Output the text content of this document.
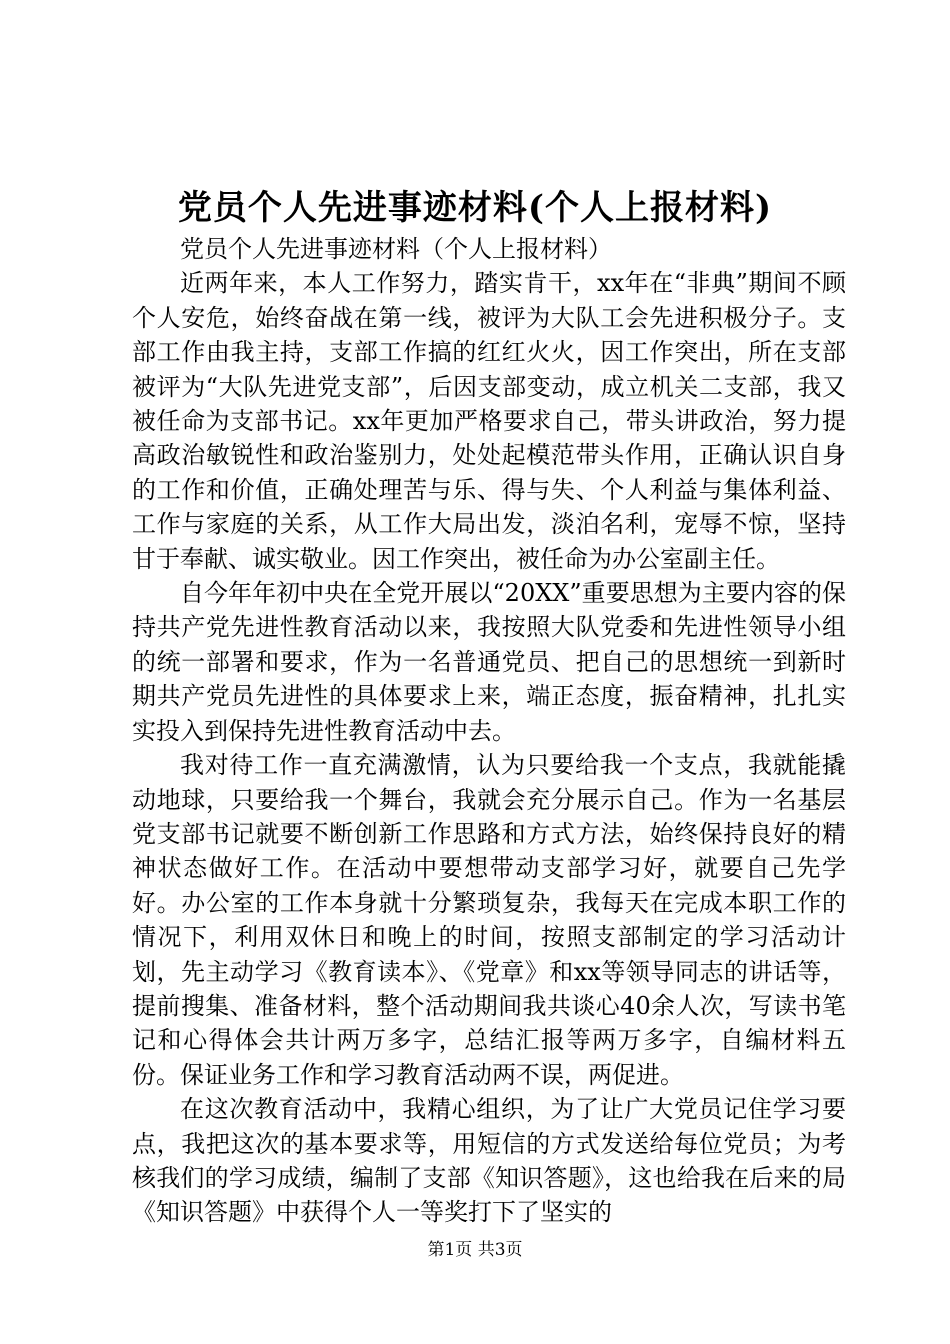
党员个人先进事迹材料(个人上报材料)

党员个人先进事迹材料（个人上报材料）

近两年来，本人工作努力，踏实肯干，xx年在“非典”期间不顾个人安危，始终奋战在第一线，被评为大队工会先进积极分子。支部工作由我主持，支部工作搞的红红火火，因工作突出，所在支部被评为“大队先进党支部”，后因支部变动，成立机关二支部，我又被任命为支部书记。xx年更加严格要求自己，带头讲政治，努力提高政治敏锐性和政治鉴别力，处处起模范带头作用，正确认识自身的工作和价值，正确处理苦与乐、得与失、个人利益与集体利益、工作与家庭的关系，从工作大局出发，淡泊名利，宠辱不惊，坚持甘于奉献、诚实敬业。因工作突出，被任命为办公室副主任。

自今年年初中央在全党开展以“20XX”重要思想为主要内容的保持共产党先进性教育活动以来，我按照大队党委和先进性领导小组的统一部署和要求，作为一名普通党员、把自己的思想统一到新时期共产党员先进性的具体要求上来，端正态度，振奋精神，扎扎实实投入到保持先进性教育活动中去。

我对待工作一直充满激情，认为只要给我一个支点，我就能撬动地球，只要给我一个舞台，我就会充分展示自己。作为一名基层党支部书记就要不断创新工作思路和方式方法，始终保持良好的精神状态做好工作。在活动中要想带动支部学习好，就要自己先学好。办公室的工作本身就十分繁琐复杂，我每天在完成本职工作的情况下，利用双休日和晚上的时间，按照支部制定的学习活动计划，先主动学习《教育读本》、《党章》和xx等领导同志的讲话等，提前搜集、准备材料，整个活动期间我共谈心40余人次，写读书笔记和心得体会共计两万多字，总结汇报等两万多字，自编材料五份。保证业务工作和学习教育活动两不误，两促进。

在这次教育活动中，我精心组织，为了让广大党员记住学习要点，我把这次的基本要求等，用短信的方式发送给每位党员；为考核我们的学习成绩，编制了支部《知识答题》，这也给我在后来的局《知识答题》中获得个人一等奖打下了坚实的

第1页 共3页
